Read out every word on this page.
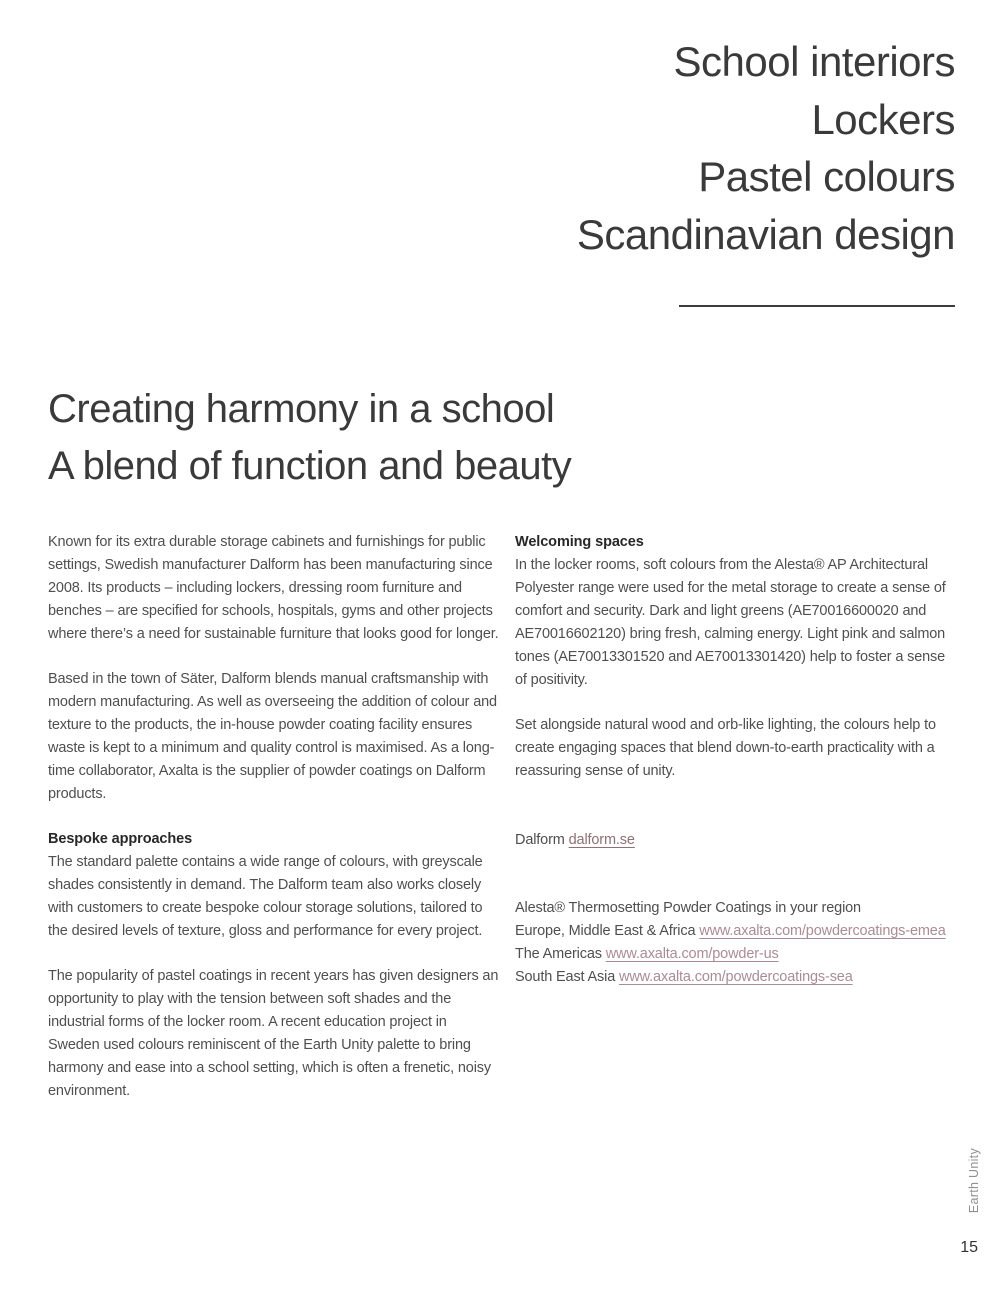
School interiors
Lockers
Pastel colours
Scandinavian design
Creating harmony in a school
A blend of function and beauty

Known for its extra durable storage cabinets and furnishings for public settings, Swedish manufacturer Dalform has been manufacturing since 2008. Its products – including lockers, dressing room furniture and benches – are specified for schools, hospitals, gyms and other projects where there’s a need for sustainable furniture that looks good for longer.

Based in the town of Säter, Dalform blends manual craftsmanship with modern manufacturing. As well as overseeing the addition of colour and texture to the products, the in-house powder coating facility ensures waste is kept to a minimum and quality control is maximised. As a long-time collaborator, Axalta is the supplier of powder coatings on Dalform products.

Bespoke approaches

The standard palette contains a wide range of colours, with greyscale shades consistently in demand. The Dalform team also works closely with customers to create bespoke colour storage solutions, tailored to the desired levels of texture, gloss and performance for every project.

The popularity of pastel coatings in recent years has given designers an opportunity to play with the tension between soft shades and the industrial forms of the locker room. A recent education project in Sweden used colours reminiscent of the Earth Unity palette to bring harmony and ease into a school setting, which is often a frenetic, noisy environment.

Welcoming spaces

In the locker rooms, soft colours from the Alesta® AP Architectural Polyester range were used for the metal storage to create a sense of comfort and security. Dark and light greens (AE70016600020 and AE70016602120) bring fresh, calming energy. Light pink and salmon tones (AE70013301520 and AE70013301420) help to foster a sense of positivity.

Set alongside natural wood and orb-like lighting, the colours help to create engaging spaces that blend down-to-earth practicality with a reassuring sense of unity.

Dalform dalform.se
Alesta® Thermosetting Powder Coatings in your region
Europe, Middle East & Africa www.axalta.com/powdercoatings-emea
The Americas www.axalta.com/powder-us
South East Asia www.axalta.com/powdercoatings-sea
Earth Unity
15
